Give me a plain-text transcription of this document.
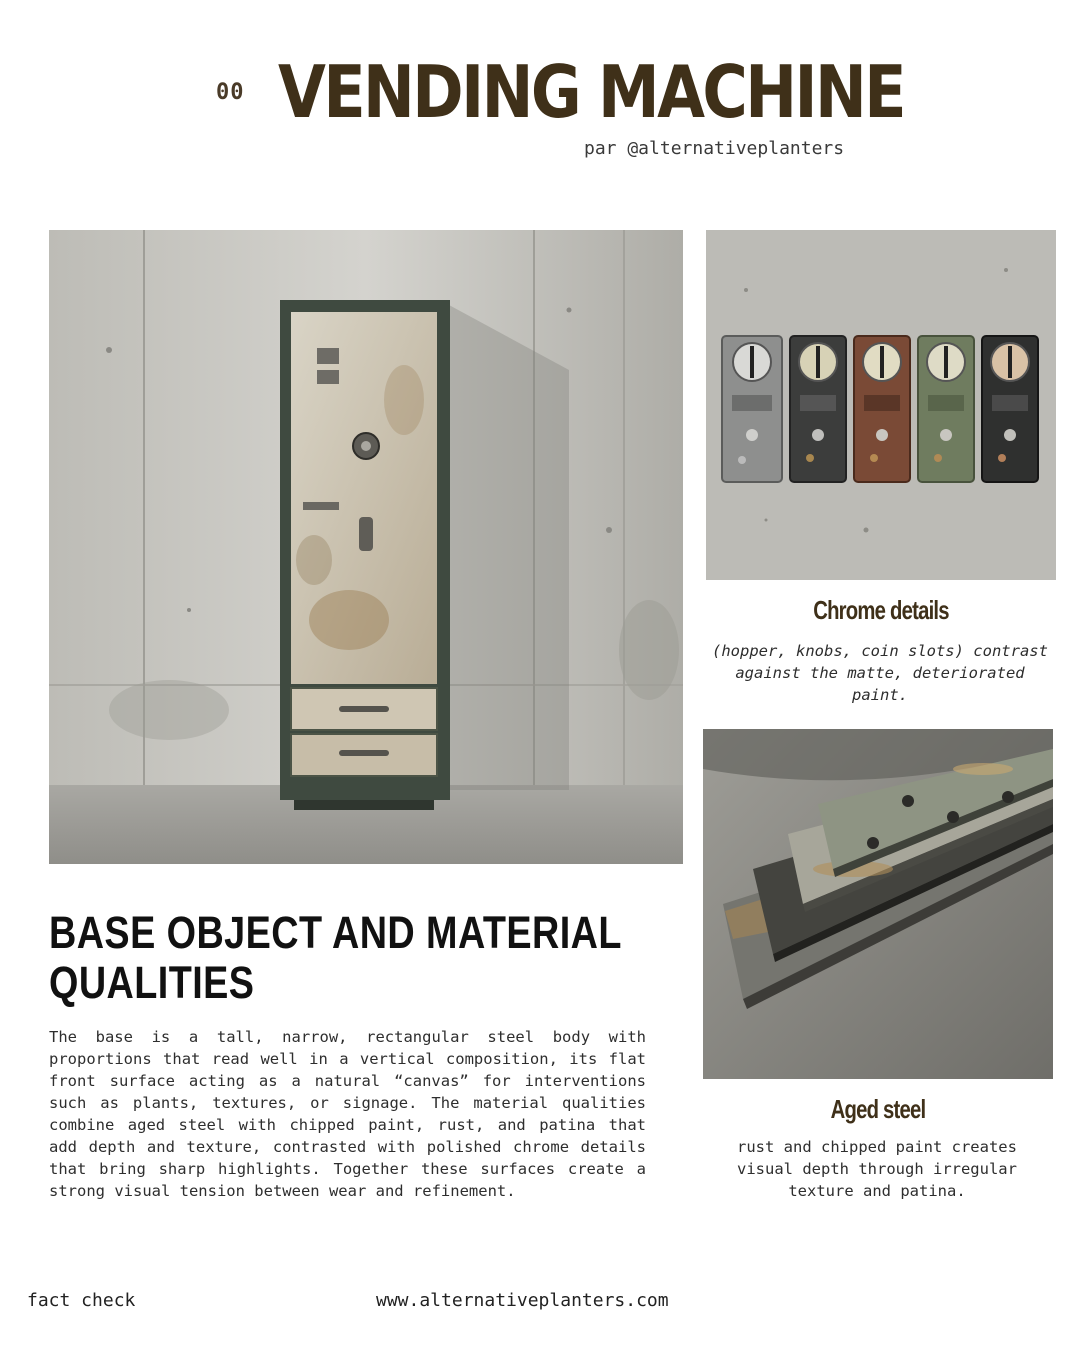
00 VENDING MACHINE
par @alternativeplanters
Chrome details
(hopper, knobs, coin slots) contrast against the matte, deteriorated paint.
Aged steel
rust and chipped paint creates visual depth through irregular texture and patina.
BASE OBJECT AND MATERIAL QUALITIES
The base is a tall, narrow, rectangular steel body with proportions that read well in a vertical composition, its flat front surface acting as a natural “canvas” for interventions such as plants, textures, or signage. The material qualities combine aged steel with chipped paint, rust, and patina that add depth and texture, contrasted with polished chrome details that bring sharp highlights. Together these surfaces create a strong visual tension between wear and refinement.
fact check	www.alternativeplanters.com
